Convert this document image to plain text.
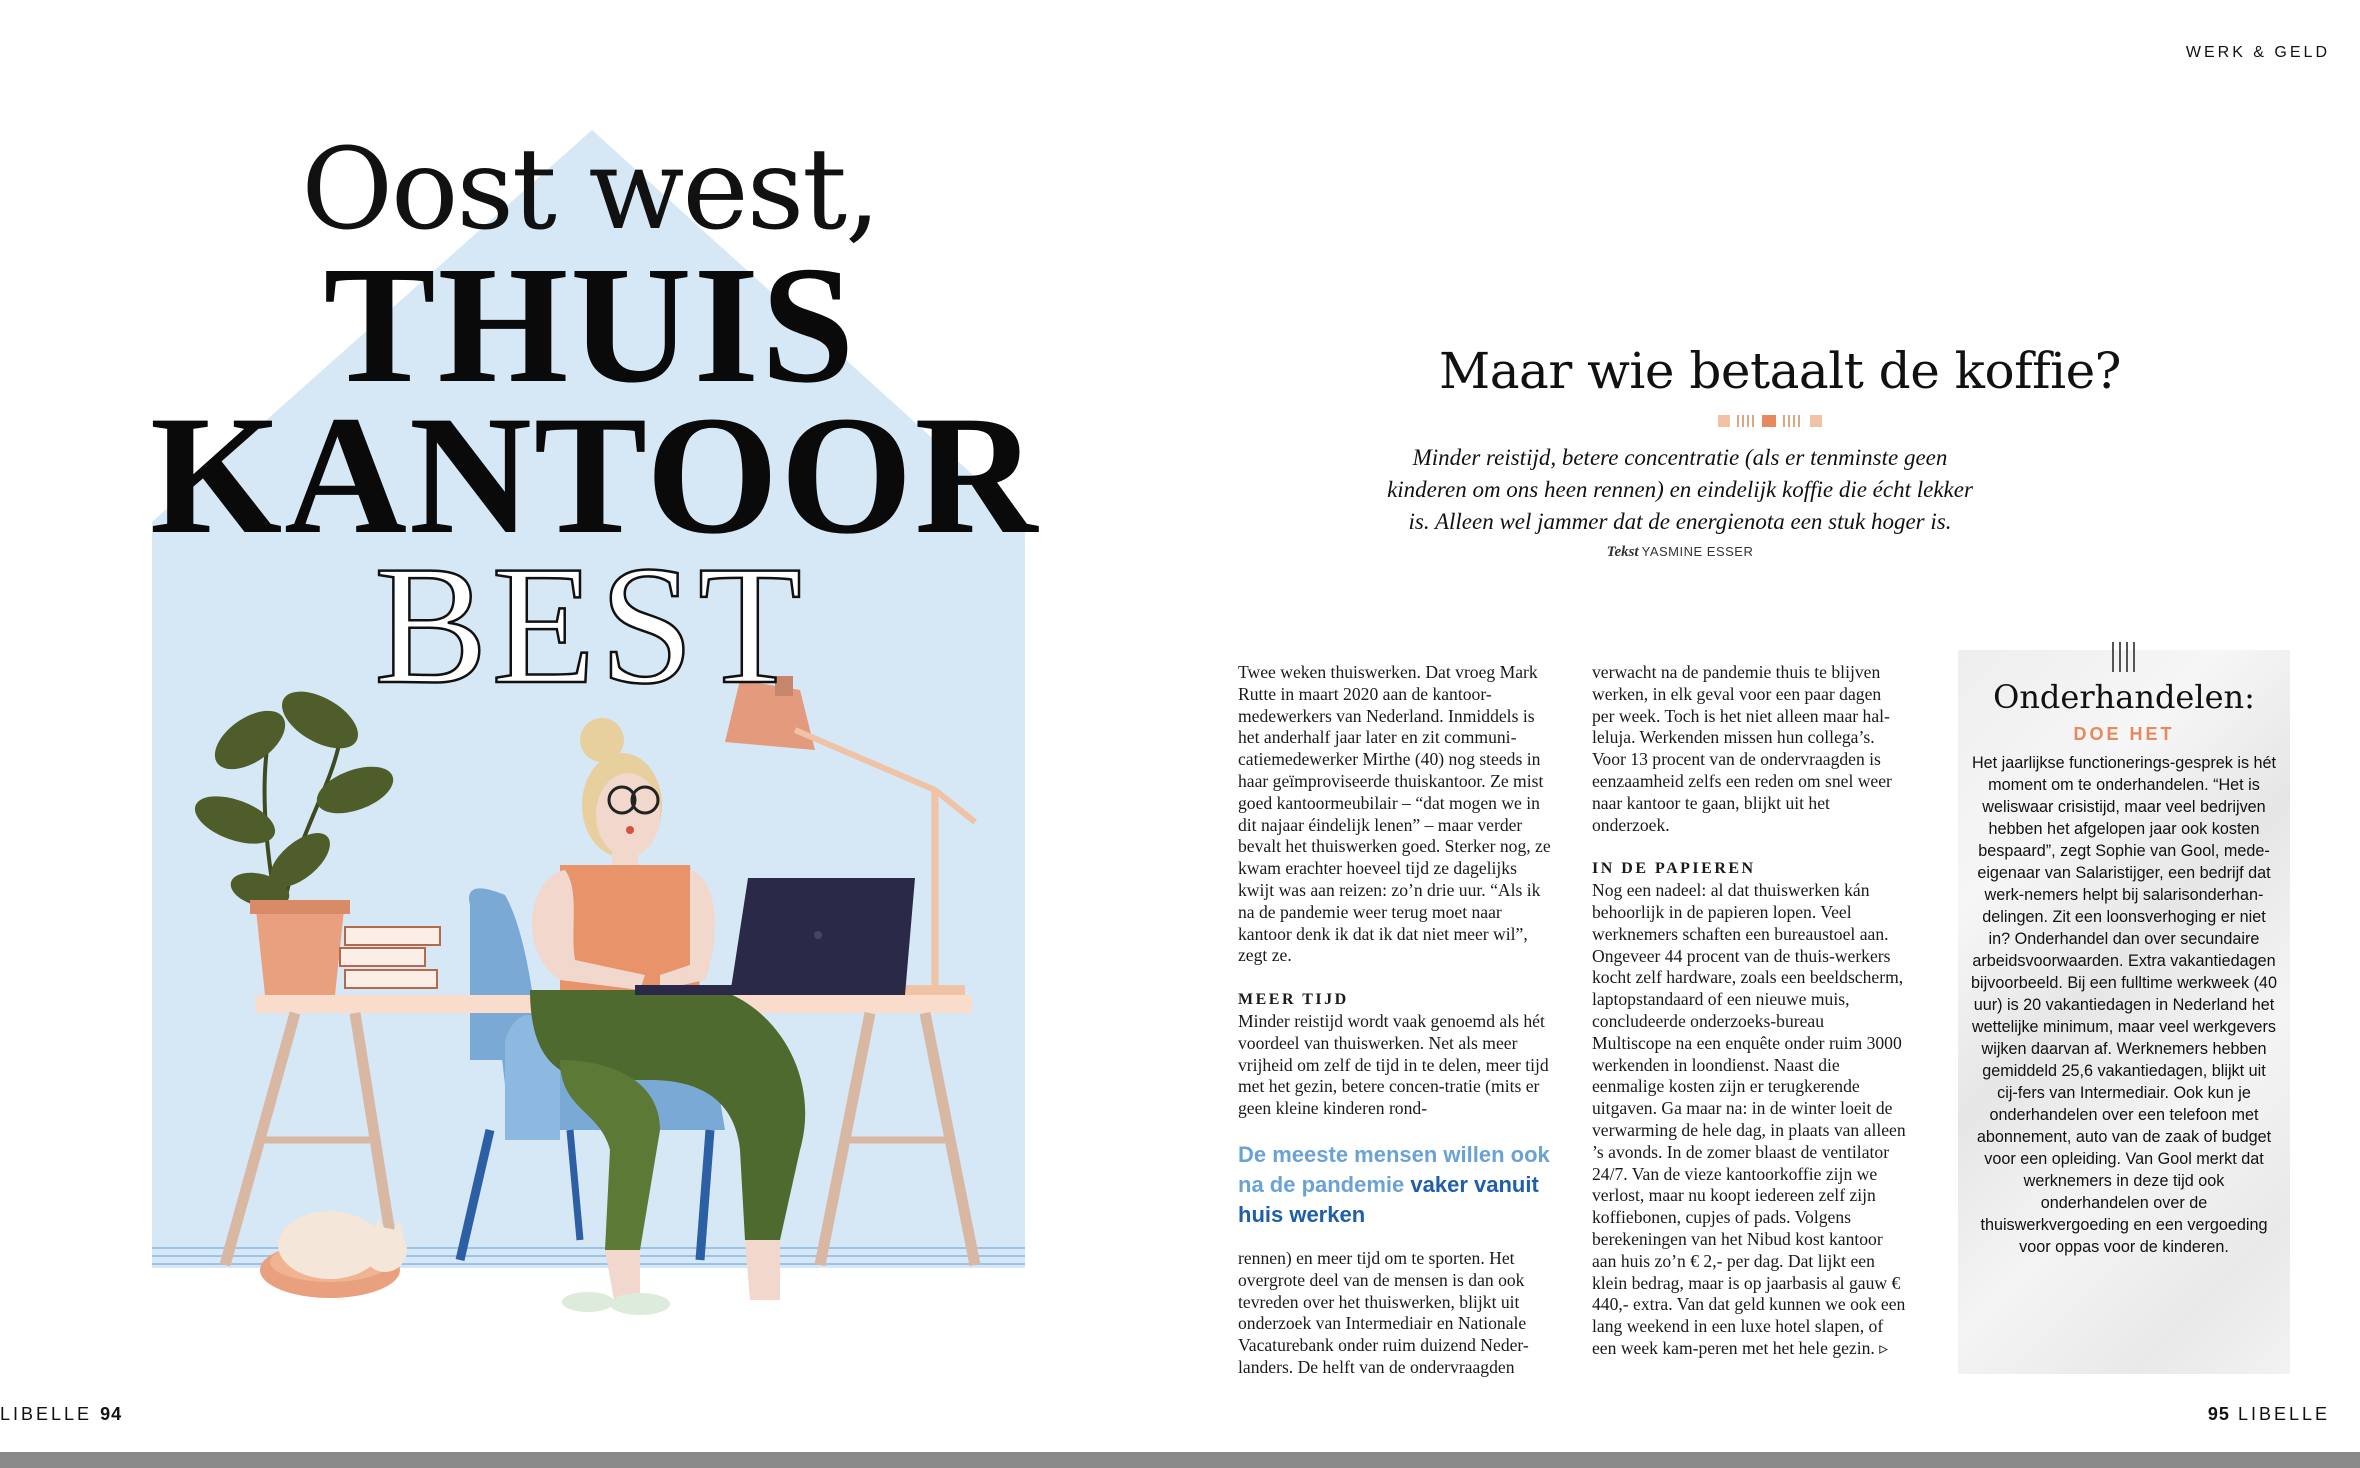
Oost west,
THUIS
KANTOOR
BEST
LIBELLE 94
WERK & GELD
Maar wie betaalt de koffie?
Minder reistijd, betere concentratie (als er tenminste geen kinderen om ons heen rennen) en eindelijk koffie die écht lekker is. Alleen wel jammer dat de energienota een stuk hoger is.
Tekst YASMINE ESSER

Twee weken thuiswerken. Dat vroeg Mark Rutte in maart 2020 aan de kantoor-medewerkers van Nederland. Inmiddels is het anderhalf jaar later en zit communi-catiemedewerker Mirthe (40) nog steeds in haar geïmproviseerde thuiskantoor. Ze mist goed kantoormeubilair – “dat mogen we in dit najaar éindelijk lenen” – maar verder bevalt het thuiswerken goed. Sterker nog, ze kwam erachter hoeveel tijd ze dagelijks kwijt was aan reizen: zo’n drie uur. “Als ik na de pandemie weer terug moet naar kantoor denk ik dat ik dat niet meer wil”, zegt ze.

MEER TIJD

Minder reistijd wordt vaak genoemd als hét voordeel van thuiswerken. Net als meer vrijheid om zelf de tijd in te delen, meer tijd met het gezin, betere concen-tratie (mits er geen kleine kinderen rond-

De meeste mensen willen ook na de pandemie vaker vanuit huis werken

rennen) en meer tijd om te sporten. Het overgrote deel van de mensen is dan ook tevreden over het thuiswerken, blijkt uit onderzoek van Intermediair en Nationale Vacaturebank onder ruim duizend Neder-landers. De helft van de ondervraagden

verwacht na de pandemie thuis te blijven werken, in elk geval voor een paar dagen per week. Toch is het niet alleen maar hal-leluja. Werkenden missen hun collega’s. Voor 13 procent van de ondervraagden is eenzaamheid zelfs een reden om snel weer naar kantoor te gaan, blijkt uit het onderzoek.

IN DE PAPIEREN

Nog een nadeel: al dat thuiswerken kán behoorlijk in de papieren lopen. Veel werknemers schaften een bureaustoel aan. Ongeveer 44 procent van de thuis-werkers kocht zelf hardware, zoals een beeldscherm, laptopstandaard of een nieuwe muis, concludeerde onderzoeks-bureau Multiscope na een enquête onder ruim 3000 werkenden in loondienst. Naast die eenmalige kosten zijn er terugkerende uitgaven. Ga maar na: in de winter loeit de verwarming de hele dag, in plaats van alleen ’s avonds. In de zomer blaast de ventilator 24/7. Van de vieze kantoorkoffie zijn we verlost, maar nu koopt iedereen zelf zijn koffiebonen, cupjes of pads. Volgens berekeningen van het Nibud kost kantoor aan huis zo’n € 2,- per dag. Dat lijkt een klein bedrag, maar is op jaarbasis al gauw € 440,- extra. Van dat geld kunnen we ook een lang weekend in een luxe hotel slapen, of een week kam-peren met het hele gezin. ▹

Onderhandelen:
DOE HET
Het jaarlijkse functionerings-gesprek is hét moment om te onderhandelen. “Het is weliswaar crisistijd, maar veel bedrijven hebben het afgelopen jaar ook kosten bespaard”, zegt Sophie van Gool, mede-eigenaar van Salaristijger, een bedrijf dat werk-nemers helpt bij salarisonderhan-delingen. Zit een loonsverhoging er niet in? Onderhandel dan over secundaire arbeidsvoorwaarden. Extra vakantiedagen bijvoorbeeld. Bij een fulltime werkweek (40 uur) is 20 vakantiedagen in Nederland het wettelijke minimum, maar veel werkgevers wijken daarvan af. Werknemers hebben gemiddeld 25,6 vakantiedagen, blijkt uit cij-fers van Intermediair. Ook kun je onderhandelen over een telefoon met abonnement, auto van de zaak of budget voor een opleiding. Van Gool merkt dat werknemers in deze tijd ook onderhandelen over de thuiswerkvergoeding en een vergoeding voor oppas voor de kinderen.
95 LIBELLE
